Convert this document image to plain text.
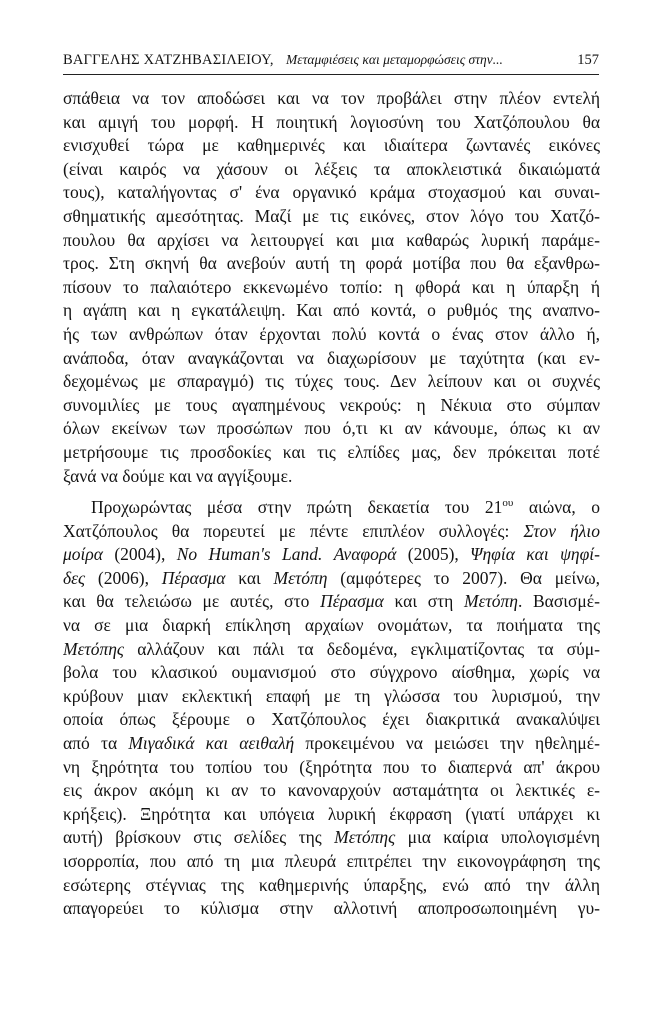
ΒΑΓΓΕΛΗΣ ΧΑΤΖΗΒΑΣΙΛΕΙΟΥ, Μεταμφιέσεις και μεταμορφώσεις στην...	157
σπάθεια να τον αποδώσει και να τον προβάλει στην πλέον εντελή
και αμιγή του μορφή. Η ποιητική λογιοσύνη του Χατζόπουλου θα
ενισχυθεί τώρα με καθημερινές και ιδιαίτερα ζωντανές εικόνες
(είναι καιρός να χάσουν οι λέξεις τα αποκλειστικά δικαιώματά
τους), καταλήγοντας σ' ένα οργανικό κράμα στοχασμού και συναι-
σθηματικής αμεσότητας. Μαζί με τις εικόνες, στον λόγο του Χατζό-
πουλου θα αρχίσει να λειτουργεί και μια καθαρώς λυρική παράμε-
τρος. Στη σκηνή θα ανεβούν αυτή τη φορά μοτίβα που θα εξανθρω-
πίσουν το παλαιότερο εκκενωμένο τοπίο: η φθορά και η ύπαρξη ή
η αγάπη και η εγκατάλειψη. Και από κοντά, ο ρυθμός της αναπνο-
ής των ανθρώπων όταν έρχονται πολύ κοντά ο ένας στον άλλο ή,
ανάποδα, όταν αναγκάζονται να διαχωρίσουν με ταχύτητα (και εν-
δεχομένως με σπαραγμό) τις τύχες τους. Δεν λείπουν και οι συχνές
συνομιλίες με τους αγαπημένους νεκρούς: η Νέκυια στο σύμπαν
όλων εκείνων των προσώπων που ό,τι κι αν κάνουμε, όπως κι αν
μετρήσουμε τις προσδοκίες και τις ελπίδες μας, δεν πρόκειται ποτέ
ξανά να δούμε και να αγγίξουμε.
Προχωρώντας μέσα στην πρώτη δεκαετία του $21^{o\upsilon}$ αιώνα, ο
Χατζόπουλος θα πορευτεί με πέντε επιπλέον συλλογές: Στον ήλιο
μοίρα (2004), No Human's Land. Αναφορά (2005), Ψηφία και ψηφί-
δες (2006), Πέρασμα και Μετόπη (αμφότερες το 2007). Θα μείνω,
και θα τελειώσω με αυτές, στο Πέρασμα και στη Μετόπη. Βασισμέ-
να σε μια διαρκή επίκληση αρχαίων ονομάτων, τα ποιήματα της
Μετόπης αλλάζουν και πάλι τα δεδομένα, εγκλιματίζοντας τα σύμ-
βολα του κλασικού ουμανισμού στο σύγχρονο αίσθημα, χωρίς να
κρύβουν μιαν εκλεκτική επαφή με τη γλώσσα του λυρισμού, την
οποία όπως ξέρουμε ο Χατζόπουλος έχει διακριτικά ανακαλύψει
από τα Μιγαδικά και αειθαλή προκειμένου να μειώσει την ηθελημέ-
νη ξηρότητα του τοπίου του (ξηρότητα που το διαπερνά απ' άκρου
εις άκρον ακόμη κι αν το κανοναρχούν ασταμάτητα οι λεκτικές ε-
κρήξεις). Ξηρότητα και υπόγεια λυρική έκφραση (γιατί υπάρχει κι
αυτή) βρίσκουν στις σελίδες της Μετόπης μια καίρια υπολογισμένη
ισορροπία, που από τη μια πλευρά επιτρέπει την εικονογράφηση της
εσώτερης στέγνιας της καθημερινής ύπαρξης, ενώ από την άλλη
απαγορεύει το κύλισμα στην αλλοτινή αποπροσωποιημένη γυ-
